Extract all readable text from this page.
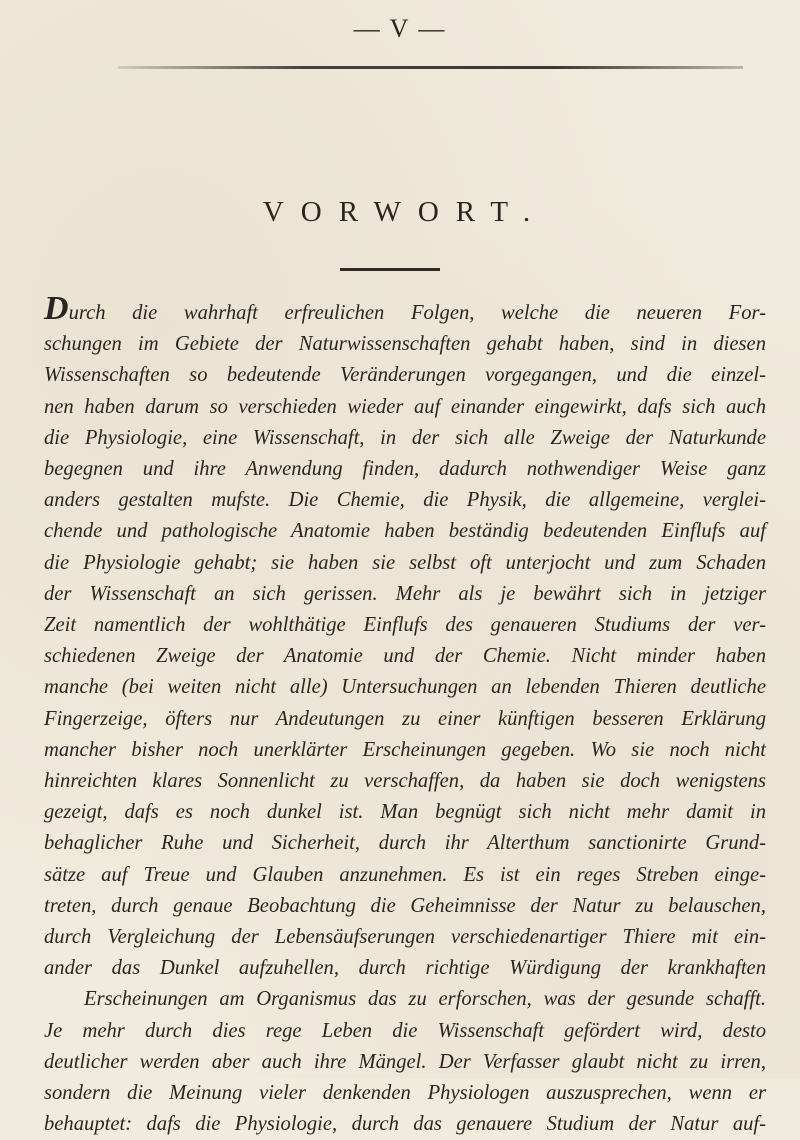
— V —
VORWORT.
Durch die wahrhaft erfreulichen Folgen, welche die neueren For-
schungen im Gebiete der Naturwissenschaften gehabt haben, sind in diesen
Wissenschaften so bedeutende Veränderungen vorgegangen, und die einzel-
nen haben darum so verschieden wieder auf einander eingewirkt, dafs sich auch
die Physiologie, eine Wissenschaft, in der sich alle Zweige der Naturkunde
begegnen und ihre Anwendung finden, dadurch nothwendiger Weise ganz
anders gestalten mufste. Die Chemie, die Physik, die allgemeine, verglei-
chende und pathologische Anatomie haben beständig bedeutenden Einflufs auf
die Physiologie gehabt; sie haben sie selbst oft unterjocht und zum Schaden
der Wissenschaft an sich gerissen. Mehr als je bewährt sich in jetziger
Zeit namentlich der wohlthätige Einflufs des genaueren Studiums der ver-
schiedenen Zweige der Anatomie und der Chemie. Nicht minder haben
manche (bei weiten nicht alle) Untersuchungen an lebenden Thieren deutliche
Fingerzeige, öfters nur Andeutungen zu einer künftigen besseren Erklärung
mancher bisher noch unerklärter Erscheinungen gegeben. Wo sie noch nicht
hinreichten klares Sonnenlicht zu verschaffen, da haben sie doch wenigstens
gezeigt, dafs es noch dunkel ist. Man begnügt sich nicht mehr damit in
behaglicher Ruhe und Sicherheit, durch ihr Alterthum sanctionirte Grund-
sätze auf Treue und Glauben anzunehmen. Es ist ein reges Streben einge-
treten, durch genaue Beobachtung die Geheimnisse der Natur zu belauschen,
durch Vergleichung der Lebensäufserungen verschiedenartiger Thiere mit ein-
ander das Dunkel aufzuhellen, durch richtige Würdigung der krankhaften
Erscheinungen am Organismus das zu erforschen, was der gesunde schafft.
Je mehr durch dies rege Leben die Wissenschaft gefördert wird, desto
deutlicher werden aber auch ihre Mängel. Der Verfasser glaubt nicht zu irren,
sondern die Meinung vieler denkenden Physiologen auszusprechen, wenn er
behauptet: dafs die Physiologie, durch das genauere Studium der Natur auf-
